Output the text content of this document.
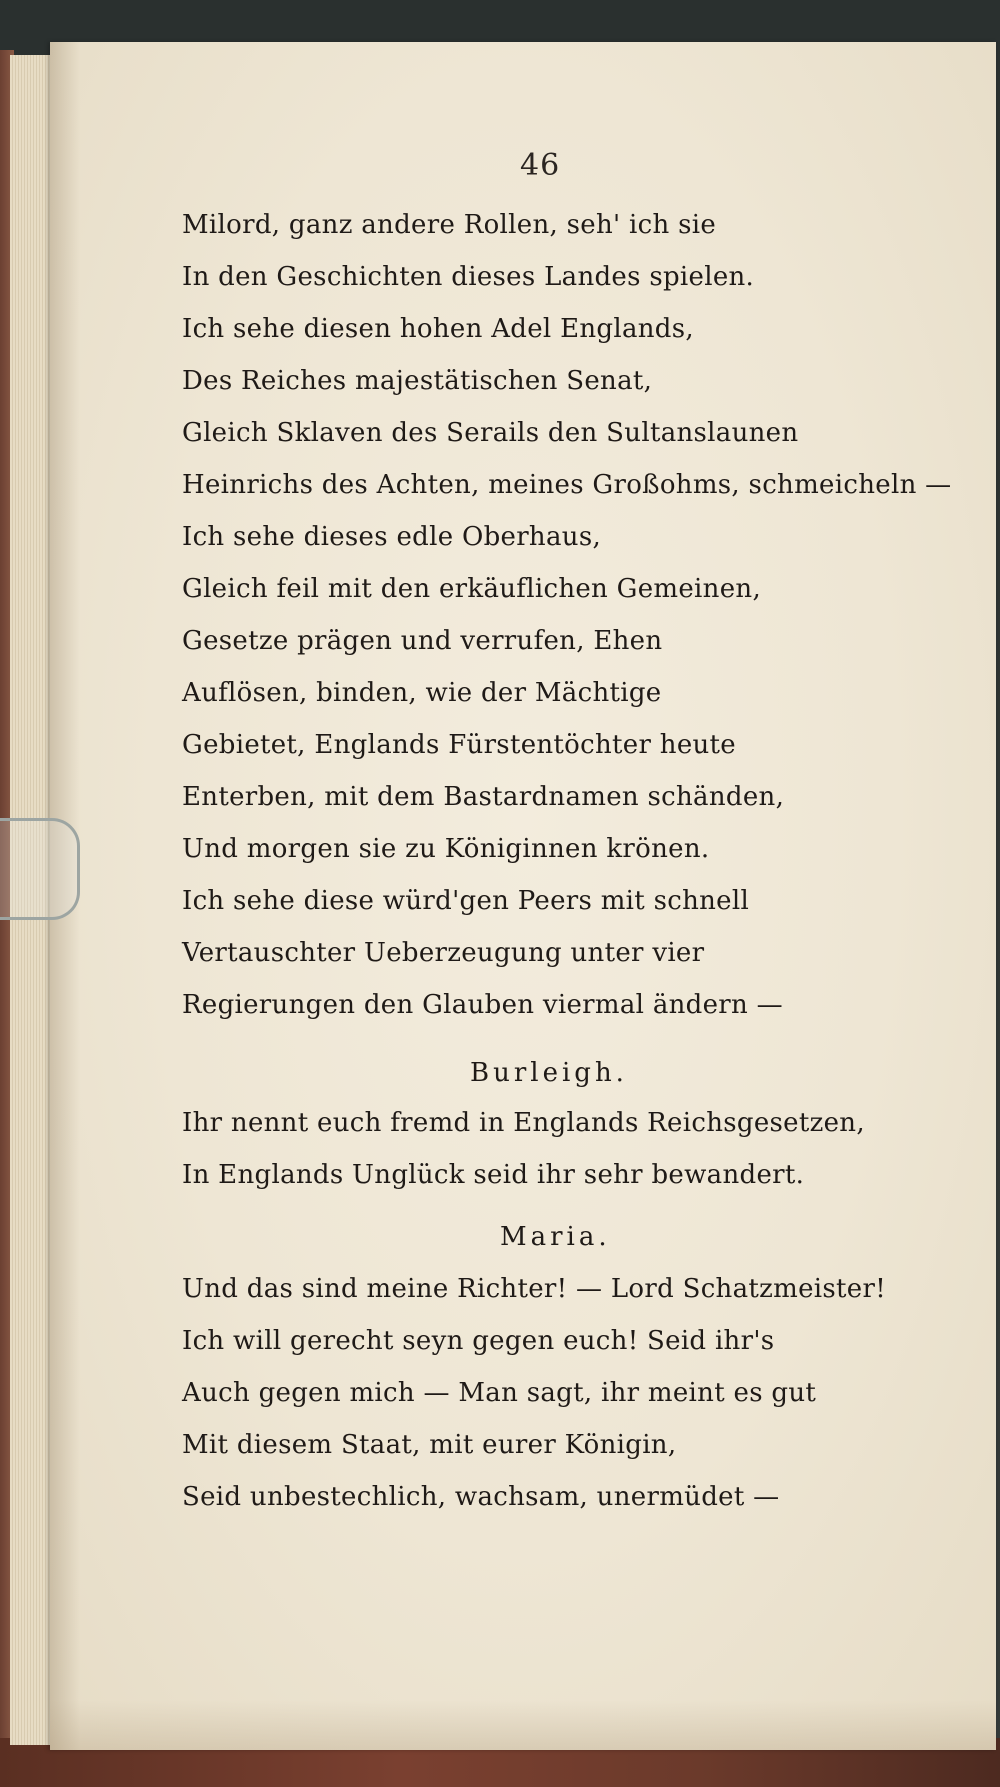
46
Milord, ganz andere Rollen, seh' ich sie
In den Geschichten dieses Landes spielen.
Ich sehe diesen hohen Adel Englands,
Des Reiches majestätischen Senat,
Gleich Sklaven des Serails den Sultanslaunen
Heinrichs des Achten, meines Großohms, schmeicheln —
Ich sehe dieses edle Oberhaus,
Gleich feil mit den erkäuflichen Gemeinen,
Gesetze prägen und verrufen, Ehen
Auflösen, binden, wie der Mächtige
Gebietet, Englands Fürstentöchter heute
Enterben, mit dem Bastardnamen schänden,
Und morgen sie zu Königinnen krönen.
Ich sehe diese würd'gen Peers mit schnell
Vertauschter Ueberzeugung unter vier
Regierungen den Glauben viermal ändern —
Burleigh.
Ihr nennt euch fremd in Englands Reichsgesetzen,
In Englands Unglück seid ihr sehr bewandert.
Maria.
Und das sind meine Richter! — Lord Schatzmeister!
Ich will gerecht seyn gegen euch! Seid ihr's
Auch gegen mich — Man sagt, ihr meint es gut
Mit diesem Staat, mit eurer Königin,
Seid unbestechlich, wachsam, unermüdet —
